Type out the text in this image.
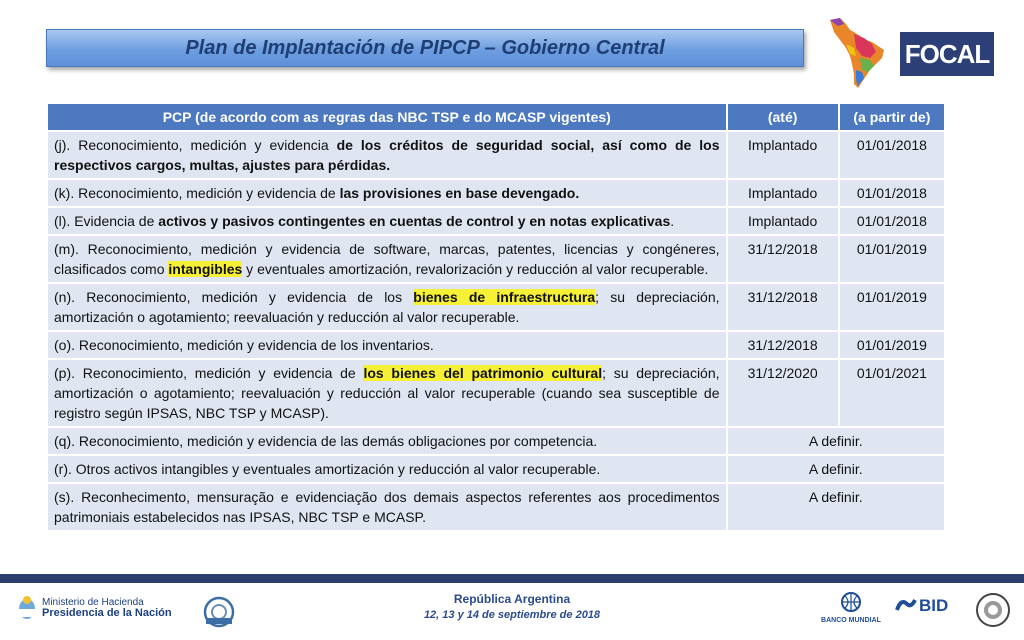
Plan de Implantación de PIPCP – Gobierno Central	FOCAL
PCP (de acordo com as regras das NBC TSP e do MCASP vigentes)	(até)	(a partir de)
(j). Reconocimiento, medición y evidencia de los créditos de seguridad social, así como de los respectivos cargos, multas, ajustes para pérdidas.	Implantado	01/01/2018
(k). Reconocimiento, medición y evidencia de las provisiones en base devengado.	Implantado	01/01/2018
(l). Evidencia de activos y pasivos contingentes en cuentas de control y en notas explicativas.	Implantado	01/01/2018
(m). Reconocimiento, medición y evidencia de software, marcas, patentes, licencias y congéneres, clasificados como intangibles y eventuales amortización, revalorización y reducción al valor recuperable.	31/12/2018	01/01/2019
(n). Reconocimiento, medición y evidencia de los bienes de infraestructura; su depreciación, amortización o agotamiento; reevaluación y reducción al valor recuperable.	31/12/2018	01/01/2019
(o). Reconocimiento, medición y evidencia de los inventarios.	31/12/2018	01/01/2019
(p). Reconocimiento, medición y evidencia de los bienes del patrimonio cultural; su depreciación, amortización o agotamiento; reevaluación y reducción al valor recuperable (cuando sea susceptible de registro según IPSAS, NBC TSP y MCASP).	31/12/2020	01/01/2021
(q). Reconocimiento, medición y evidencia de las demás obligaciones por competencia.	A definir.	
(r). Otros activos intangibles y eventuales amortización y reducción al valor recuperable.	A definir.	
(s). Reconhecimento, mensuração e evidenciação dos demais aspectos referentes aos procedimentos patrimoniais estabelecidos nas IPSAS, NBC TSP e MCASP.	A definir.	
Ministerio de Hacienda
Presidencia de la Nación
República Argentina
12, 13 y 14 de septiembre de 2018	BANCO MUNDIAL
BID
